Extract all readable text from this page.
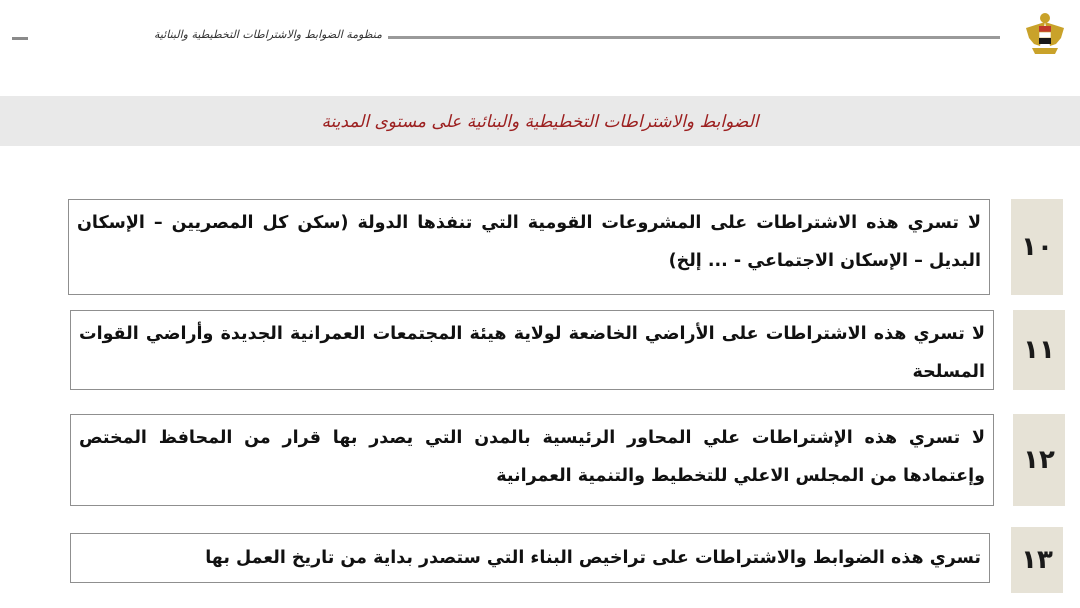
منظومة الضوابط والاشتراطات التخطيطية والبنائية
الضوابط والاشتراطات التخطيطية والبنائية على مستوى المدينة
لا تسري هذه الاشتراطات على المشروعات القومية التي تنفذها الدولة (سكن كل المصريين – الإسكان البديل – الإسكان الاجتماعي - ... إلخ)	١٠
لا تسري هذه الاشتراطات على الأراضي الخاضعة لولاية هيئة المجتمعات العمرانية الجديدة وأراضي القوات المسلحة
١١
لا تسري هذه الإشتراطات علي المحاور الرئيسية بالمدن التي يصدر بها قرار من المحافظ المختص وإعتمادها من المجلس الاعلي للتخطيط والتنمية العمرانية
١٢
تسري هذه الضوابط والاشتراطات على تراخيص البناء التي ستصدر بداية من تاريخ العمل بها	١٣
